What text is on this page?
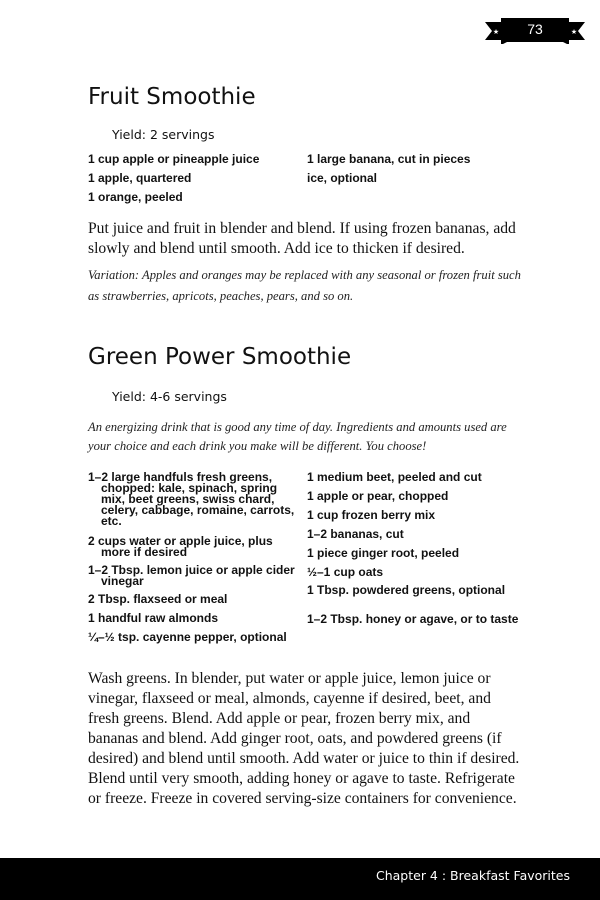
★	★
73
Fruit Smoothie
Yield: 2 servings
1 cup apple or pineapple juice
1 apple, quartered
1 orange, peeled
1 large banana, cut in pieces
ice, optional

Put juice and fruit in blender and blend. If using frozen bananas, add slowly and blend until smooth. Add ice to thicken if desired.

Variation: Apples and oranges may be replaced with any seasonal or frozen fruit such as strawberries, apricots, peaches, pears, and so on.

Green Power Smoothie
Yield: 4-6 servings

An energizing drink that is good any time of day. Ingredients and amounts used are your choice and each drink you make will be different. You choose!

1–2 large handfuls fresh greens, chopped: kale, spinach, spring mix, beet greens, swiss chard, celery, cabbage, romaine, carrots, etc.
2 cups water or apple juice, plus more if desired
1–2 Tbsp. lemon juice or apple cider vinegar
2 Tbsp. flaxseed or meal
1 handful raw almonds
¼–½ tsp. cayenne pepper, optional
1 medium beet, peeled and cut
1 apple or pear, chopped
1 cup frozen berry mix
1–2 bananas, cut
1 piece ginger root, peeled
½–1 cup oats
1 Tbsp. powdered greens, optional
1–2 Tbsp. honey or agave, or to taste

Wash greens. In blender, put water or apple juice, lemon juice or vinegar, flaxseed or meal, almonds, cayenne if desired, beet, and fresh greens. Blend. Add apple or pear, frozen berry mix, and bananas and blend. Add ginger root, oats, and powdered greens (if desired) and blend until smooth. Add water or juice to thin if desired. Blend until very smooth, adding honey or agave to taste. Refrigerate or freeze. Freeze in covered serving-size containers for convenience.

Chapter 4 : Breakfast Favorites
